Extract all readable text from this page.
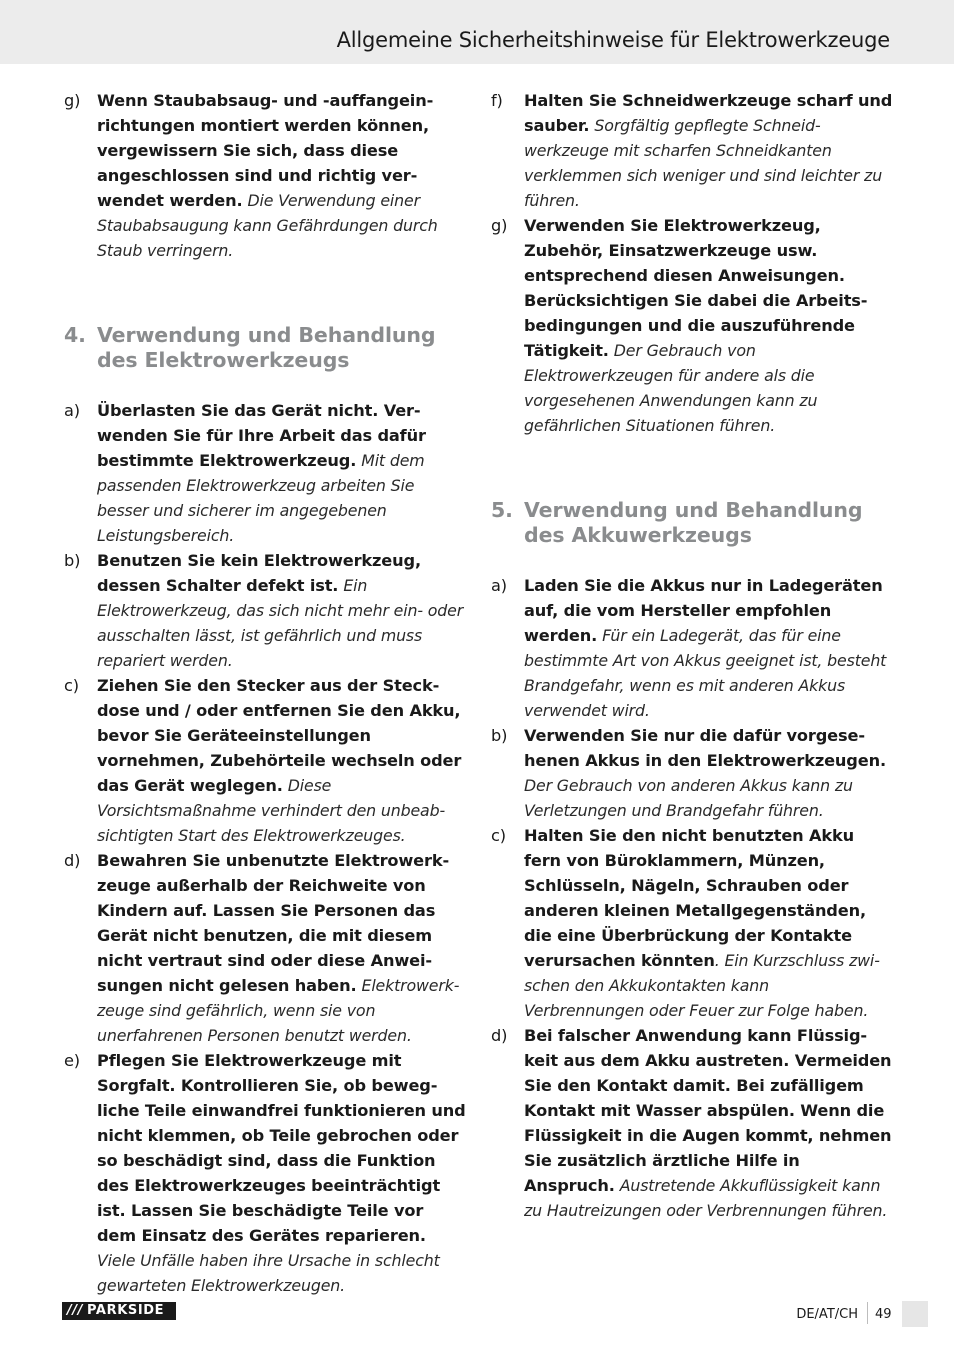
Allgemeine Sicherheitshinweise für Elektrowerkzeuge
g) Wenn Staubabsaug- und -auffangeinrichtungen montiert werden können, vergewissern Sie sich, dass diese angeschlossen sind und richtig verwendet werden. Die Verwendung einer Staubabsaugung kann Gefährdungen durch Staub verringern.
4. Verwendung und Behandlung des Elektrowerkzeugs
a) Überlasten Sie das Gerät nicht. Verwenden Sie für Ihre Arbeit das dafür bestimmte Elektrowerkzeug. Mit dem passenden Elektrowerkzeug arbeiten Sie besser und sicherer im angegebenen Leistungsbereich.
b) Benutzen Sie kein Elektrowerkzeug, dessen Schalter defekt ist. Ein Elektrowerkzeug, das sich nicht mehr ein- oder ausschalten lässt, ist gefährlich und muss repariert werden.
c) Ziehen Sie den Stecker aus der Steckdose und / oder entfernen Sie den Akku, bevor Sie Geräteeinstellungen vornehmen, Zubehörteile wechseln oder das Gerät weglegen. Diese Vorsichtsmaßnahme verhindert den unbeabsichtigten Start des Elektrowerkzeuges.
d) Bewahren Sie unbenutzte Elektrowerkzeuge außerhalb der Reichweite von Kindern auf. Lassen Sie Personen das Gerät nicht benutzen, die mit diesem nicht vertraut sind oder diese Anweisungen nicht gelesen haben. Elektrowerkzeuge sind gefährlich, wenn sie von unerfahrenen Personen benutzt werden.
e) Pflegen Sie Elektrowerkzeuge mit Sorgfalt. Kontrollieren Sie, ob bewegliche Teile einwandfrei funktionieren und nicht klemmen, ob Teile gebrochen oder so beschädigt sind, dass die Funktion des Elektrowerkzeuges beeinträchtigt ist. Lassen Sie beschädigte Teile vor dem Einsatz des Gerätes reparieren. Viele Unfälle haben ihre Ursache in schlecht gewarteten Elektrowerkzeugen.
f) Halten Sie Schneidwerkzeuge scharf und sauber. Sorgfältig gepflegte Schneidwerkzeuge mit scharfen Schneidkanten verklemmen sich weniger und sind leichter zu führen.
g) Verwenden Sie Elektrowerkzeug, Zubehör, Einsatzwerkzeuge usw. entsprechend diesen Anweisungen. Berücksichtigen Sie dabei die Arbeitsbedingungen und die auszuführende Tätigkeit. Der Gebrauch von Elektrowerkzeugen für andere als die vorgesehenen Anwendungen kann zu gefährlichen Situationen führen.
5. Verwendung und Behandlung des Akkuwerkzeugs
a) Laden Sie die Akkus nur in Ladegeräten auf, die vom Hersteller empfohlen werden. Für ein Ladegerät, das für eine bestimmte Art von Akkus geeignet ist, besteht Brandgefahr, wenn es mit anderen Akkus verwendet wird.
b) Verwenden Sie nur die dafür vorgesehenen Akkus in den Elektrowerkzeugen. Der Gebrauch von anderen Akkus kann zu Verletzungen und Brandgefahr führen.
c) Halten Sie den nicht benutzten Akku fern von Büroklammern, Münzen, Schlüsseln, Nägeln, Schrauben oder anderen kleinen Metallgegenständen, die eine Überbrückung der Kontakte verursachen könnten. Ein Kurzschluss zwischen den Akkukontakten kann Verbrennungen oder Feuer zur Folge haben.
d) Bei falscher Anwendung kann Flüssigkeit aus dem Akku austreten. Vermeiden Sie den Kontakt damit. Bei zufälligem Kontakt mit Wasser abspülen. Wenn die Flüssigkeit in die Augen kommt, nehmen Sie zusätzlich ärztliche Hilfe in Anspruch. Austretende Akkuflüssigkeit kann zu Hautreizungen oder Verbrennungen führen.
/// PARKSIDE	DE/AT/CH 49
